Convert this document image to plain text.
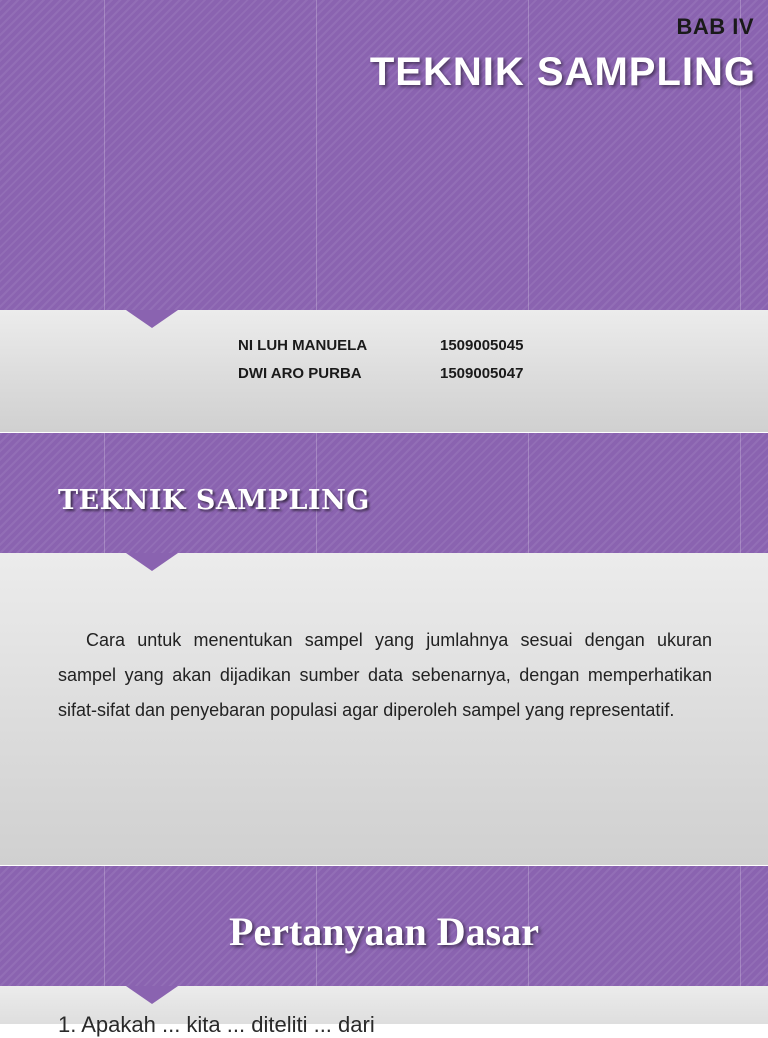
BAB IV
TEKNIK SAMPLING
NI LUH MANUELA	1509005045
DWI ARO PURBA	1509005047
TEKNIK SAMPLING
Cara untuk menentukan sampel yang jumlahnya sesuai dengan ukuran sampel yang akan dijadikan sumber data sebenarnya, dengan memperhatikan sifat-sifat dan penyebaran populasi agar diperoleh sampel yang representatif.
Pertanyaan Dasar
1. Apakah ... kita ... diteliti ... dari
